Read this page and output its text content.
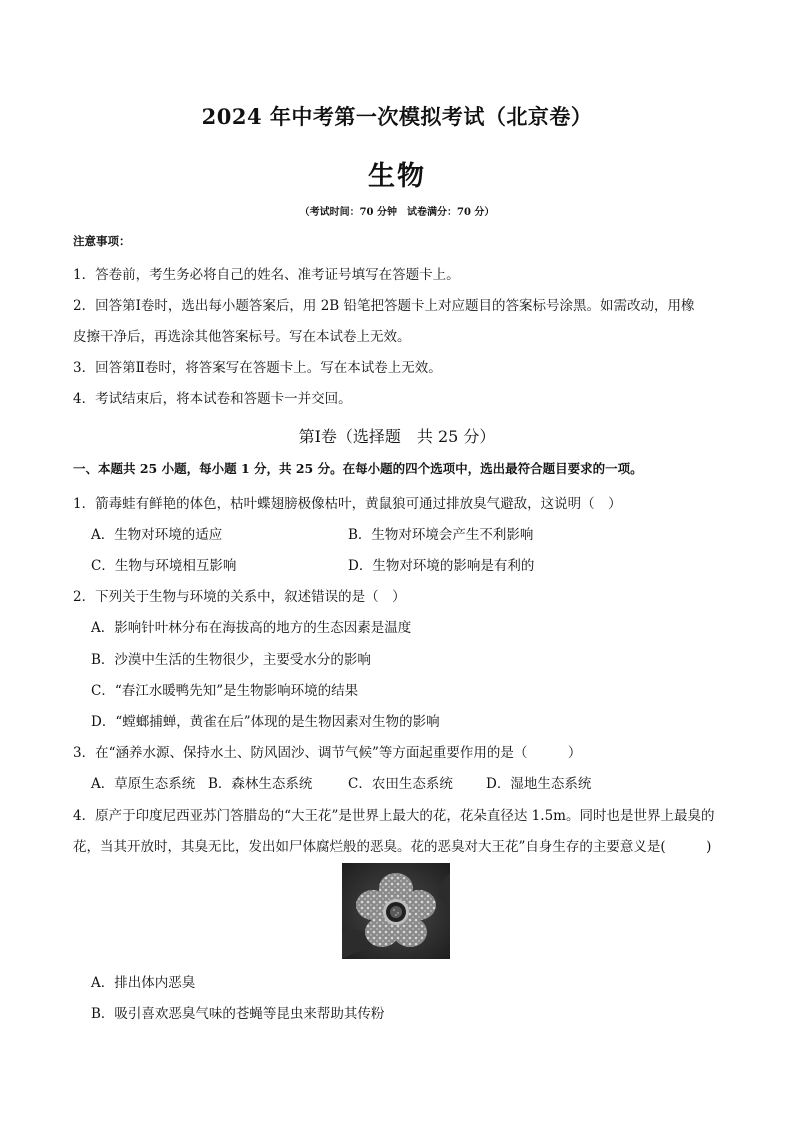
2024 年中考第一次模拟考试（北京卷）
生物
（考试时间：70 分钟　试卷满分：70 分）
注意事项：
1．答卷前，考生务必将自己的姓名、准考证号填写在答题卡上。
2．回答第Ⅰ卷时，选出每小题答案后，用 2B 铅笔把答题卡上对应题目的答案标号涂黑。如需改动，用橡
皮擦干净后，再选涂其他答案标号。写在本试卷上无效。
3．回答第Ⅱ卷时，将答案写在答题卡上。写在本试卷上无效。
4．考试结束后，将本试卷和答题卡一并交回。
第Ⅰ卷（选择题　共 25 分）
一、本题共 25 小题，每小题 1 分，共 25 分。在每小题的四个选项中，选出最符合题目要求的一项。
1．箭毒蛙有鲜艳的体色，枯叶蝶翅膀极像枯叶，黄鼠狼可通过排放臭气避敌，这说明（　）
A．生物对环境的适应	B．生物对环境会产生不利影响
C．生物与环境相互影响	D．生物对环境的影响是有利的
2．下列关于生物与环境的关系中，叙述错误的是（　）
A．影响针叶林分布在海拔高的地方的生态因素是温度
B．沙漠中生活的生物很少，主要受水分的影响
C．“春江水暖鸭先知”是生物影响环境的结果
D．“螳螂捕蝉，黄雀在后”体现的是生物因素对生物的影响
3．在“涵养水源、保持水土、防风固沙、调节气候”等方面起重要作用的是（　　　）
A．草原生态系统 B．森林生态系统	C．农田生态系统 D．湿地生态系统
4．原产于印度尼西亚苏门答腊岛的“大王花”是世界上最大的花，花朵直径达 1.5m。同时也是世界上最臭的
花，当其开放时，其臭无比，发出如尸体腐烂般的恶臭。花的恶臭对大王花”自身生存的主要意义是(　　　)
A．排出体内恶臭
B．吸引喜欢恶臭气味的苍蝇等昆虫来帮助其传粉
